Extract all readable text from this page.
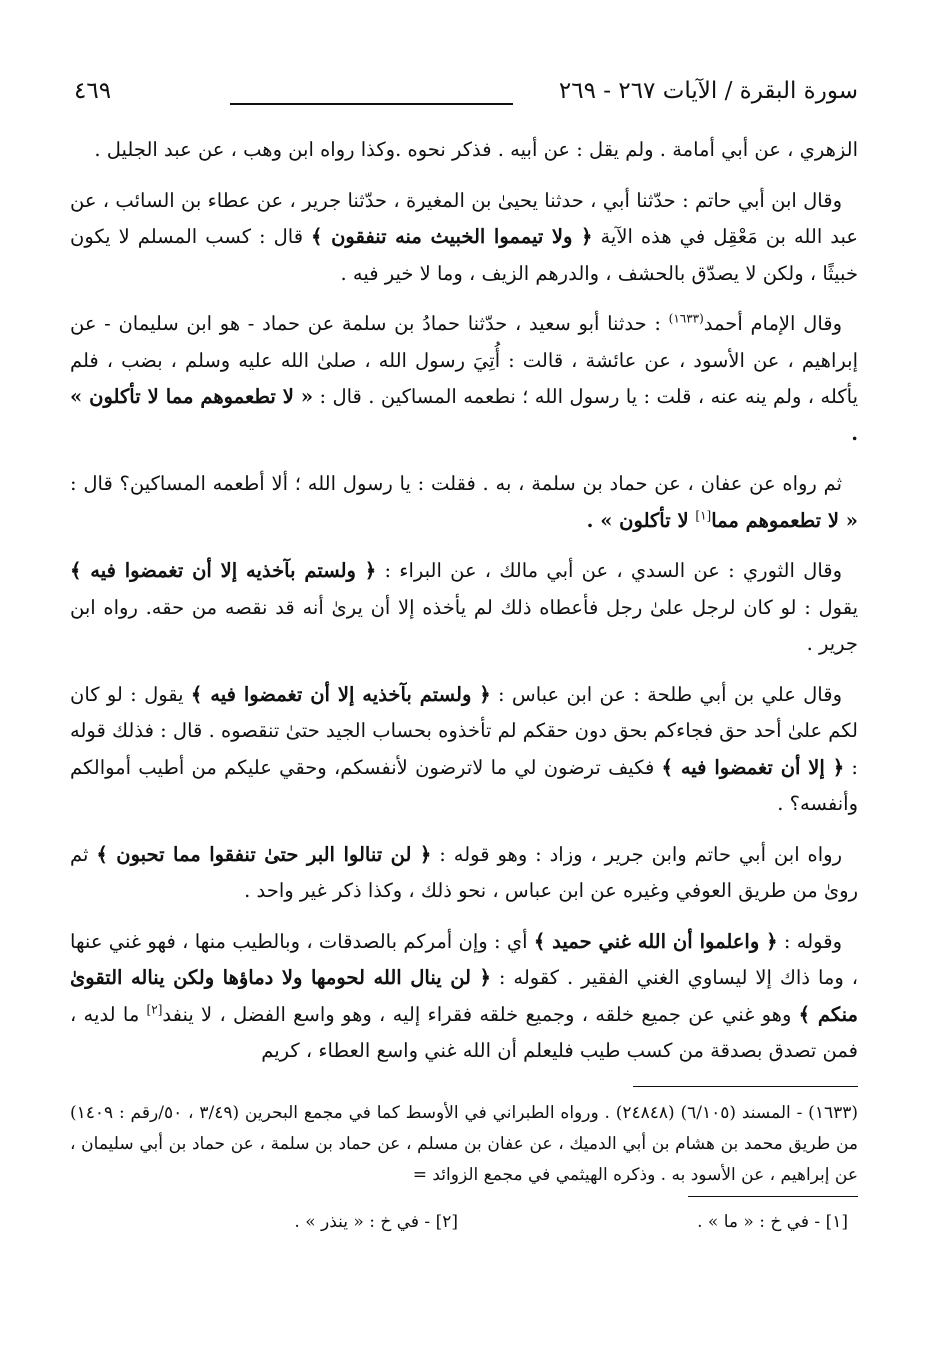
سورة البقرة / الآيات ٢٦٧ - ٢٦٩
٤٦٩

الزهري ، عن أبي أمامة . ولم يقل : عن أبيه . فذكر نحوه .وكذا رواه ابن وهب ، عن عبد الجليل .

وقال ابن أبي حاتم : حدّثنا أبي ، حدثنا يحيىٰ بن المغيرة ، حدّثنا جرير ، عن عطاء بن السائب ، عن عبد الله بن مَعْقِل في هذه الآية ﴿ ولا تيمموا الخبيث منه تنفقون ﴾ قال : كسب المسلم لا يكون خبيثًا ، ولكن لا يصدّق بالحشف ، والدرهم الزيف ، وما لا خير فيه .

وقال الإمام أحمد$^{(١٦٣٣)}$ : حدثنا أبو سعيد ، حدّثنا حمادُ بن سلمة عن حماد - هو ابن سليمان - عن إبراهيم ، عن الأسود ، عن عائشة ، قالت : أُتِيَ رسول الله ، صلىٰ الله عليه وسلم ، بضب ، فلم يأكله ، ولم ينه عنه ، قلت : يا رسول الله ؛ نطعمه المساكين . قال : « لا تطعموهم مما لا تأكلون » .

ثم رواه عن عفان ، عن حماد بن سلمة ، به . فقلت : يا رسول الله ؛ ألا أطعمه المساكين؟ قال : « لا تطعموهم مما[١] لا تأكلون » .

وقال الثوري : عن السدي ، عن أبي مالك ، عن البراء : ﴿ ولستم بآخذيه إلا أن تغمضوا فيه ﴾ يقول : لو كان لرجل علىٰ رجل فأعطاه ذلك لم يأخذه إلا أن يرىٰ أنه قد نقصه من حقه. رواه ابن جرير .

وقال علي بن أبي طلحة : عن ابن عباس : ﴿ ولستم بآخذيه إلا أن تغمضوا فيه ﴾ يقول : لو كان لكم علىٰ أحد حق فجاءكم بحق دون حقكم لم تأخذوه بحساب الجيد حتىٰ تنقصوه . قال : فذلك قوله : ﴿ إلا أن تغمضوا فيه ﴾ فكيف ترضون لي ما لاترضون لأنفسكم، وحقي عليكم من أطيب أموالكم وأنفسه؟ .

رواه ابن أبي حاتم وابن جرير ، وزاد : وهو قوله : ﴿ لن تنالوا البر حتىٰ تنفقوا مما تحبون ﴾ ثم روىٰ من طريق العوفي وغيره عن ابن عباس ، نحو ذلك ، وكذا ذكر غير واحد .

وقوله : ﴿ واعلموا أن الله غني حميد ﴾ أي : وإن أمركم بالصدقات ، وبالطيب منها ، فهو غني عنها ، وما ذاك إلا ليساوي الغني الفقير . كقوله : ﴿ لن ينال الله لحومها ولا دماؤها ولكن يناله التقوىٰ منكم ﴾ وهو غني عن جميع خلقه ، وجميع خلقه فقراء إليه ، وهو واسع الفضل ، لا ينفد[٢] ما لديه ، فمن تصدق بصدقة من كسب طيب فليعلم أن الله غني واسع العطاء ، كريم

(١٦٣٣) - المسند (٦/١٠٥) (٢٤٨٤٨) . ورواه الطبراني في الأوسط كما في مجمع البحرين (٣/٤٩ ، ٥٠/رقم : ١٤٠٩) من طريق محمد بن هشام بن أبي الدميك ، عن عفان بن مسلم ، عن حماد بن سلمة ، عن حماد بن أبي سليمان ، عن إبراهيم ، عن الأسود به . وذكره الهيثمي في مجمع الزوائد =
[١] - في خ : « ما » .
[٢] - في خ : « ينذر » .
